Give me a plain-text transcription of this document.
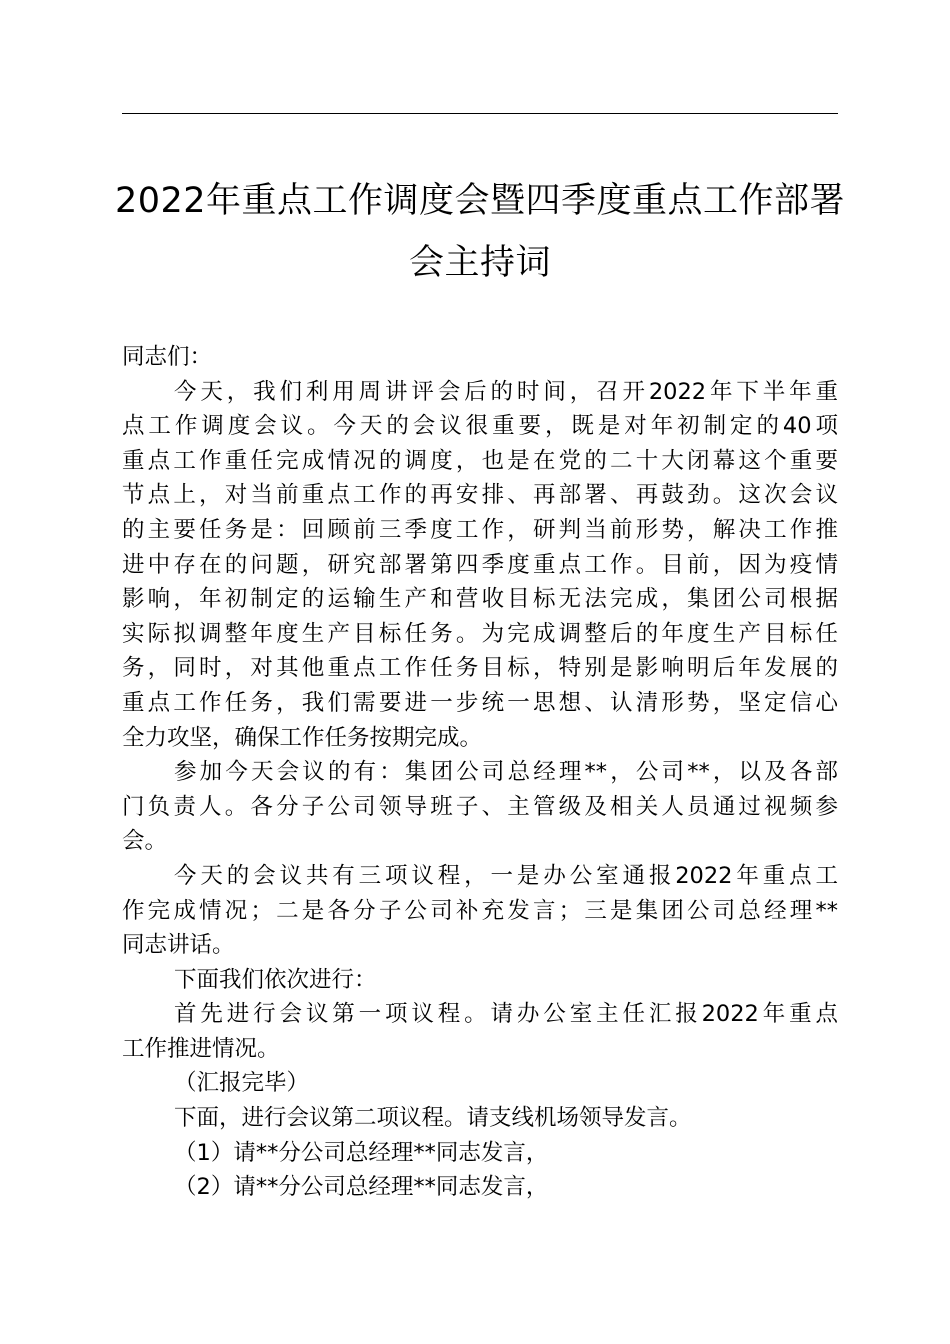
2022年重点工作调度会暨四季度重点工作部署
会主持词
同志们：
今天，我们利用周讲评会后的时间，召开2022年下半年重
点工作调度会议。今天的会议很重要，既是对年初制定的40项
重点工作重任完成情况的调度，也是在党的二十大闭幕这个重要
节点上，对当前重点工作的再安排、再部署、再鼓劲。这次会议
的主要任务是：回顾前三季度工作，研判当前形势，解决工作推
进中存在的问题，研究部署第四季度重点工作。目前，因为疫情
影响，年初制定的运输生产和营收目标无法完成，集团公司根据
实际拟调整年度生产目标任务。为完成调整后的年度生产目标任
务，同时，对其他重点工作任务目标，特别是影响明后年发展的
重点工作任务，我们需要进一步统一思想、认清形势，坚定信心
全力攻坚，确保工作任务按期完成。
参加今天会议的有：集团公司总经理**，公司**，以及各部
门负责人。各分子公司领导班子、主管级及相关人员通过视频参
会。
今天的会议共有三项议程，一是办公室通报2022年重点工
作完成情况；二是各分子公司补充发言；三是集团公司总经理**
同志讲话。
下面我们依次进行：
首先进行会议第一项议程。请办公室主任汇报2022年重点
工作推进情况。
（汇报完毕）
下面，进行会议第二项议程。请支线机场领导发言。
（1）请**分公司总经理**同志发言，
（2）请**分公司总经理**同志发言，
